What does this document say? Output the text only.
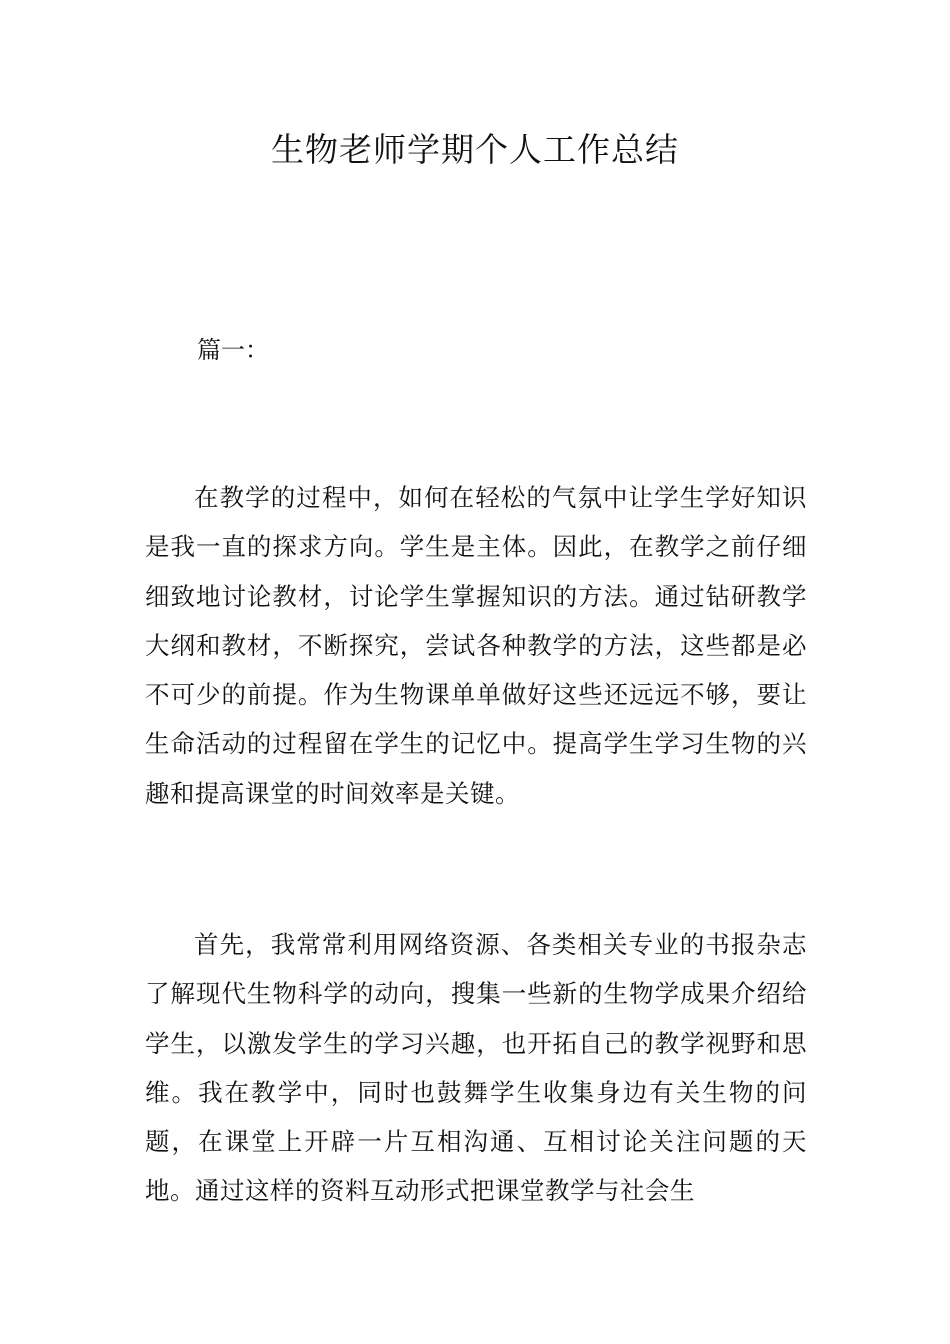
生物老师学期个人工作总结

篇一：

在教学的过程中，如何在轻松的气氛中让学生学好知识是我一直的探求方向。学生是主体。因此，在教学之前仔细细致地讨论教材，讨论学生掌握知识的方法。通过钻研教学大纲和教材，不断探究，尝试各种教学的方法，这些都是必不可少的前提。作为生物课单单做好这些还远远不够，要让生命活动的过程留在学生的记忆中。提高学生学习生物的兴趣和提高课堂的时间效率是关键。

首先，我常常利用网络资源、各类相关专业的书报杂志了解现代生物科学的动向，搜集一些新的生物学成果介绍给学生，以激发学生的学习兴趣，也开拓自己的教学视野和思维。我在教学中，同时也鼓舞学生收集身边有关生物的问题，在课堂上开辟一片互相沟通、互相讨论关注问题的天地。通过这样的资料互动形式把课堂教学与社会生
